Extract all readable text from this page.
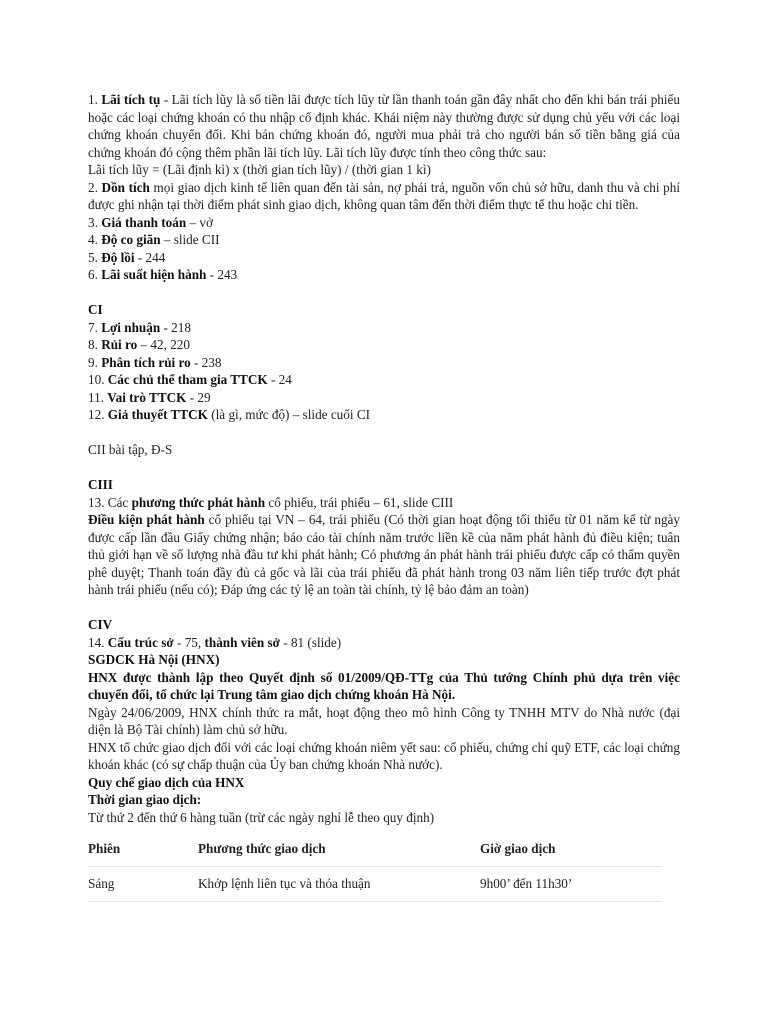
1. Lãi tích tụ - Lãi tích lũy là số tiền lãi được tích lũy từ lần thanh toán gần đây nhất cho đến khi bán trái phiếu hoặc các loại chứng khoán có thu nhập cố định khác. Khái niệm này thường được sử dụng chủ yếu với các loại chứng khoán chuyển đổi. Khi bán chứng khoán đó, người mua phải trả cho người bán số tiền bằng giá của chứng khoán đó cộng thêm phần lãi tích lũy. Lãi tích lũy được tính theo công thức sau:

Lãi tích lũy = (Lãi định kì) x (thời gian tích lũy) / (thời gian 1 kì)

2. Dồn tích mọi giao dịch kinh tế liên quan đến tài sản, nợ phải trả, nguồn vốn chủ sở hữu, danh thu và chi phí được ghi nhận tại thời điểm phát sinh giao dịch, không quan tâm đến thời điểm thực tế thu hoặc chi tiền.

3. Giá thanh toán – vở

4. Độ co giãn – slide CII

5. Độ lồi - 244

6. Lãi suất hiện hành - 243

CI

7. Lợi nhuận - 218

8. Rủi ro – 42, 220

9. Phân tích rủi ro - 238

10. Các chủ thể tham gia TTCK - 24

11. Vai trò TTCK - 29

12. Giả thuyết TTCK (là gì, mức độ) – slide cuối CI

CII bài tập, Đ-S

CIII

13. Các phương thức phát hành cổ phiếu, trái phiếu – 61, slide CIII

Điều kiện phát hành cổ phiếu tại VN – 64, trái phiếu (Có thời gian hoạt động tối thiểu từ 01 năm kể từ ngày được cấp lần đầu Giấy chứng nhận; báo cáo tài chính năm trước liền kề của năm phát hành đủ điều kiện; tuân thủ giới hạn về số lượng nhà đầu tư khi phát hành; Có phương án phát hành trái phiếu được cấp có thẩm quyền phê duyệt; Thanh toán đầy đủ cả gốc và lãi của trái phiếu đã phát hành trong 03 năm liên tiếp trước đợt phát hành trái phiếu (nếu có); Đáp ứng các tỷ lệ an toàn tài chính, tỷ lệ bảo đảm an toàn)

CIV

14. Cấu trúc sở - 75, thành viên sở - 81 (slide)

SGDCK Hà Nội (HNX)

HNX được thành lập theo Quyết định số 01/2009/QĐ-TTg của Thủ tướng Chính phủ dựa trên việc chuyển đổi, tổ chức lại Trung tâm giao dịch chứng khoán Hà Nội.

Ngày 24/06/2009, HNX chính thức ra mắt, hoạt động theo mô hình Công ty TNHH MTV do Nhà nước (đại diện là Bộ Tài chính) làm chủ sở hữu.

HNX tổ chức giao dịch đối với các loại chứng khoán niêm yết sau: cổ phiếu, chứng chỉ quỹ ETF, các loại chứng khoán khác (có sự chấp thuận của Ủy ban chứng khoán Nhà nước).

Quy chế giao dịch của HNX

Thời gian giao dịch:

Từ thứ 2 đến thứ 6 hàng tuần (trừ các ngày nghỉ lễ theo quy định)

Phiên	Phương thức giao dịch	Giờ giao dịch
Sáng	Khớp lệnh liên tục và thỏa thuận	9h00’ đến 11h30’
